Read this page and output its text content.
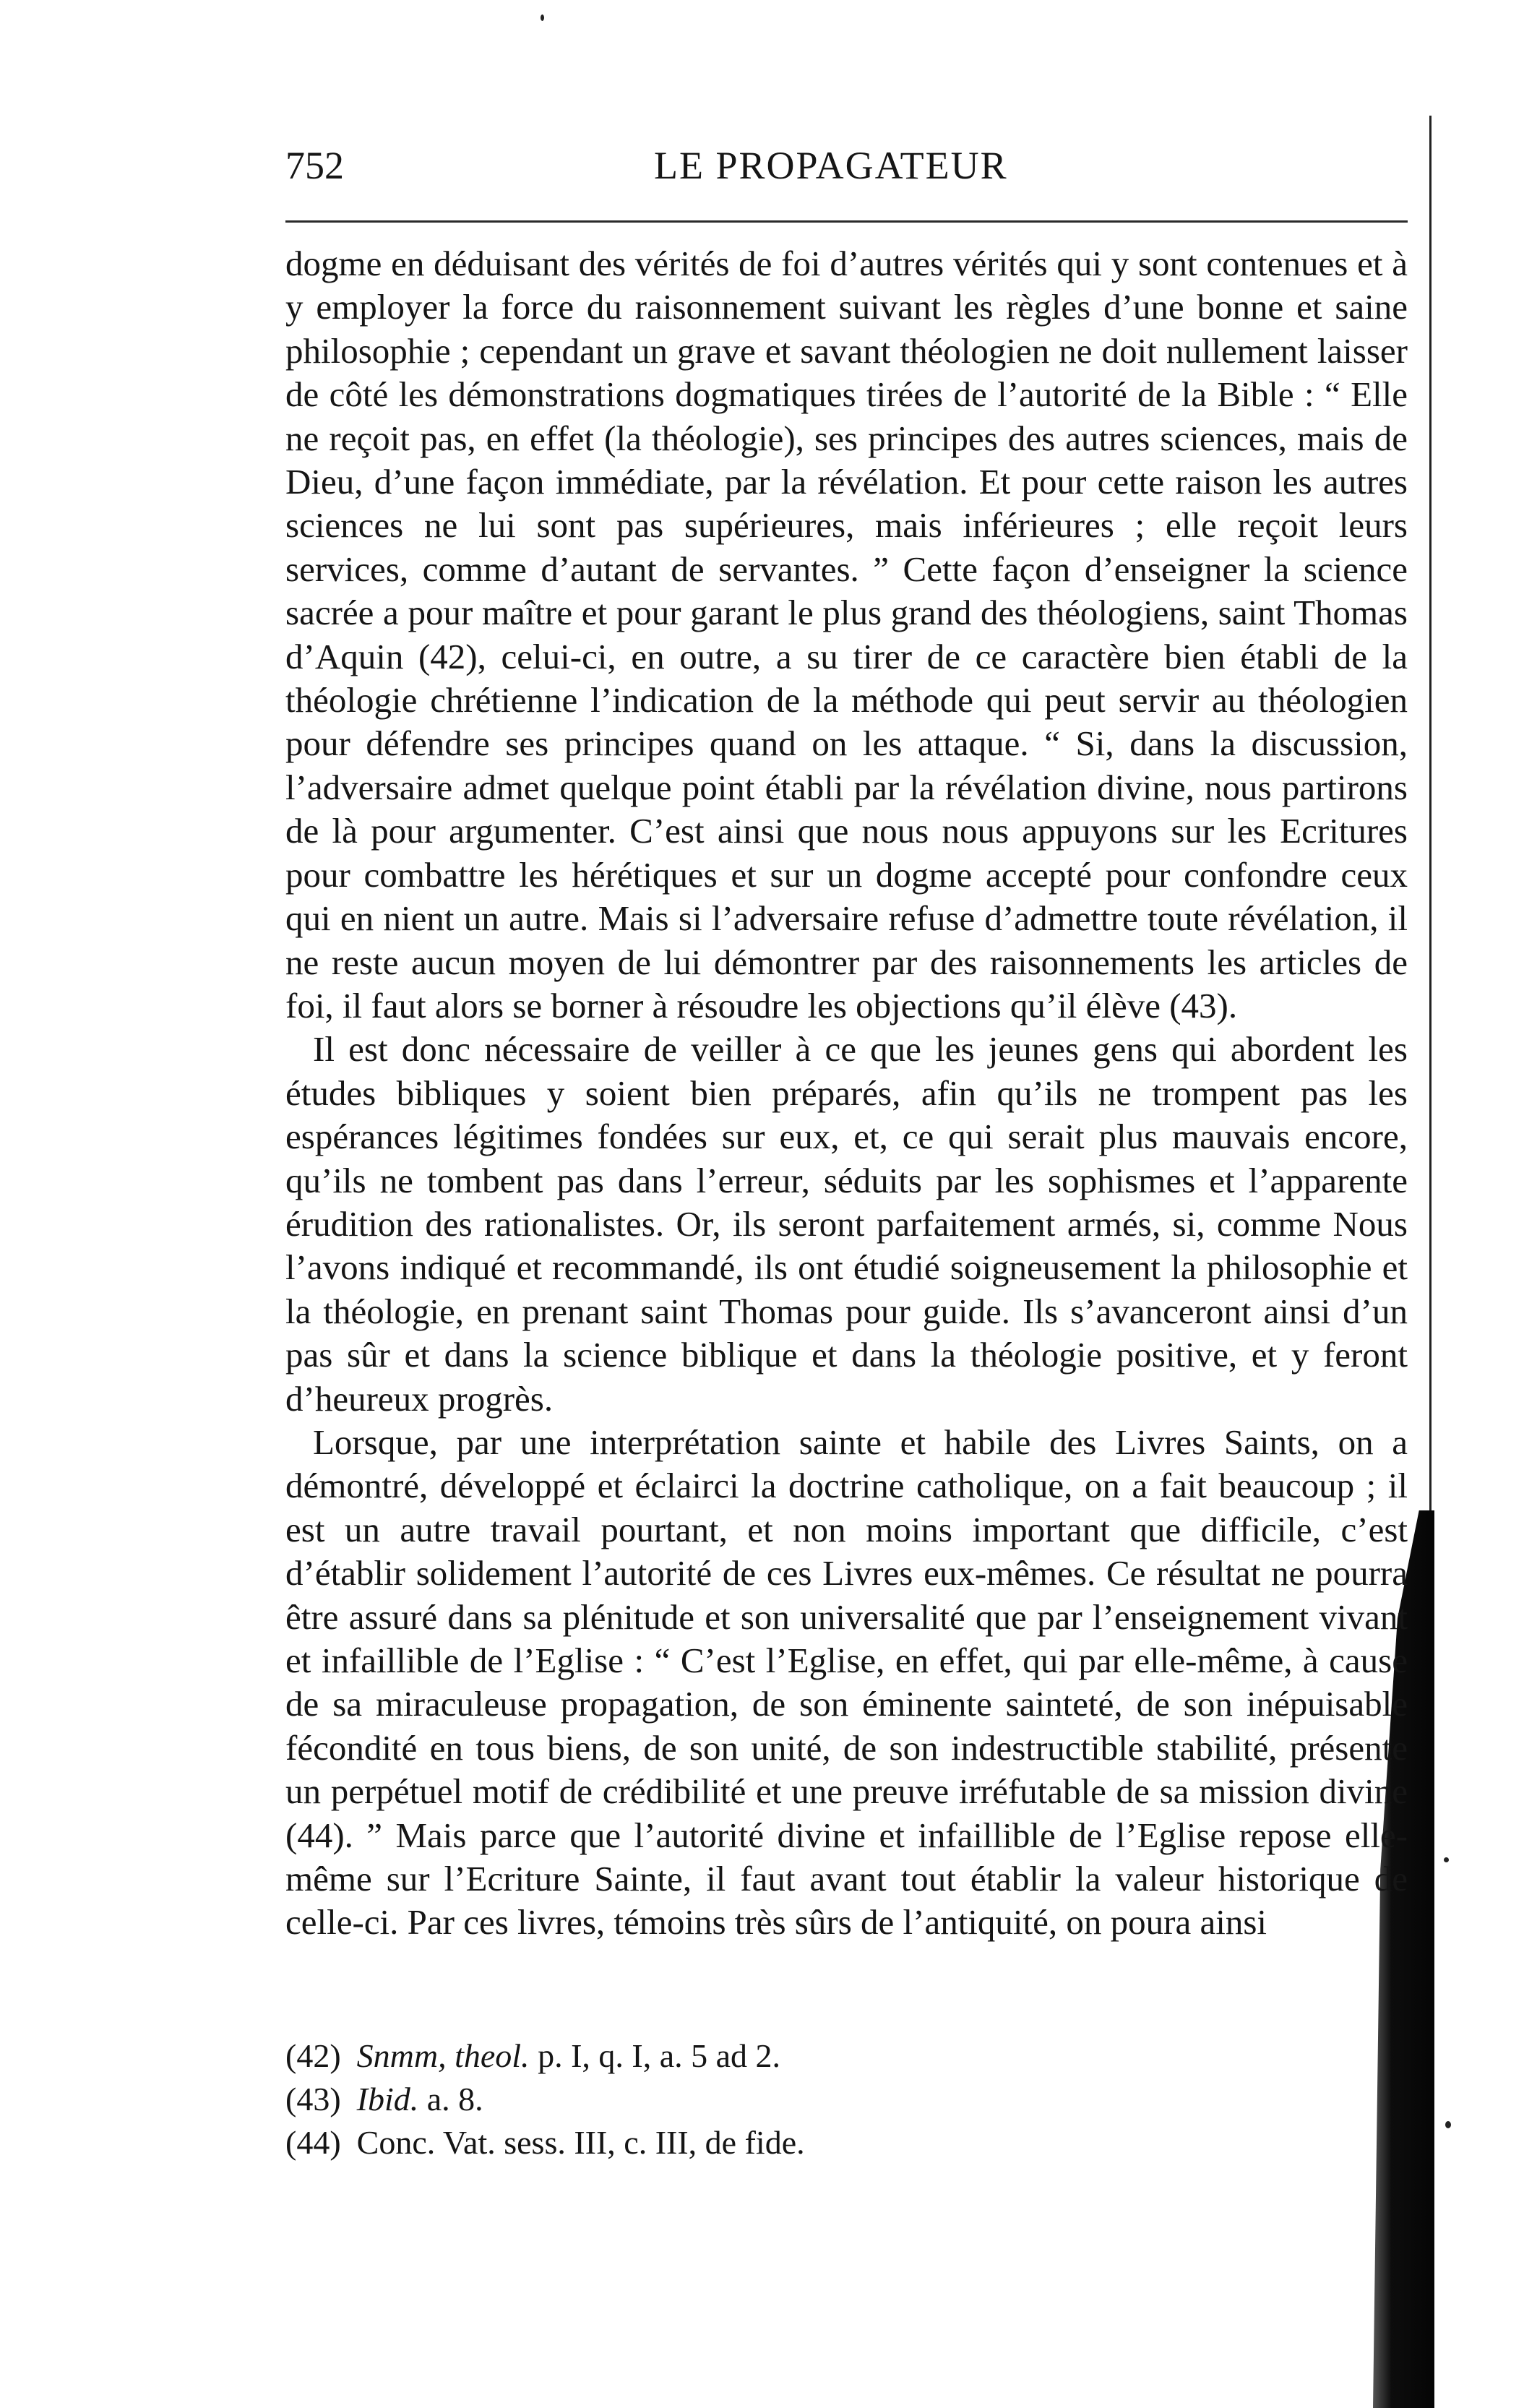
752	LE PROPAGATEUR

dogme en déduisant des vérités de foi d’autres vérités qui y sont contenues et à y employer la force du raisonnement suivant les règles d’une bonne et saine philosophie ; cependant un grave et savant théologien ne doit nullement laisser de côté les démonstrations dogmatiques tirées de l’autorité de la Bible : “ Elle ne reçoit pas, en effet (la théologie), ses principes des autres sciences, mais de Dieu, d’une façon immédiate, par la révélation. Et pour cette raison les autres sciences ne lui sont pas supérieures, mais inférieures ; elle reçoit leurs services, comme d’autant de servantes. ” Cette façon d’enseigner la science sacrée a pour maître et pour garant le plus grand des théologiens, saint Thomas d’Aquin (42), celui-ci, en outre, a su tirer de ce caractère bien établi de la théologie chrétienne l’indication de la méthode qui peut servir au théologien pour défendre ses principes quand on les attaque. “ Si, dans la discussion, l’adversaire admet quelque point établi par la révélation divine, nous partirons de là pour argumenter. C’est ainsi que nous nous appuyons sur les Ecritures pour combattre les hérétiques et sur un dogme accepté pour confondre ceux qui en nient un autre. Mais si l’adversaire refuse d’admettre toute révélation, il ne reste aucun moyen de lui démontrer par des raisonnements les articles de foi, il faut alors se borner à résoudre les objections qu’il élève (43).

Il est donc nécessaire de veiller à ce que les jeunes gens qui abordent les études bibliques y soient bien préparés, afin qu’ils ne trompent pas les espérances légitimes fondées sur eux, et, ce qui serait plus mauvais encore, qu’ils ne tombent pas dans l’erreur, séduits par les sophismes et l’apparente érudition des rationalistes. Or, ils seront parfaitement armés, si, comme Nous l’avons indiqué et recommandé, ils ont étudié soigneusement la philosophie et la théologie, en prenant saint Thomas pour guide. Ils s’avanceront ainsi d’un pas sûr et dans la science biblique et dans la théologie positive, et y feront d’heureux progrès.

Lorsque, par une interprétation sainte et habile des Livres Saints, on a démontré, développé et éclairci la doctrine catholique, on a fait beaucoup ; il est un autre travail pourtant, et non moins important que difficile, c’est d’établir solidement l’autorité de ces Livres eux-mêmes. Ce résultat ne pourra être assuré dans sa plénitude et son universalité que par l’enseignement vivant et infaillible de l’Eglise : “ C’est l’Eglise, en effet, qui par elle-même, à cause de sa miraculeuse propagation, de son éminente sainteté, de son inépuisable fécondité en tous biens, de son unité, de son indestructible stabilité, présente un perpétuel motif de crédibilité et une preuve irréfutable de sa mission divine (44). ” Mais parce que l’autorité divine et infaillible de l’Eglise repose elle-même sur l’Ecriture Sainte, il faut avant tout établir la valeur historique de celle-ci. Par ces livres, témoins très sûrs de l’antiquité, on poura ainsi

(42) Snmm, theol. p. I, q. I, a. 5 ad 2.
(43) Ibid. a. 8.
(44) Conc. Vat. sess. III, c. III, de fide.
